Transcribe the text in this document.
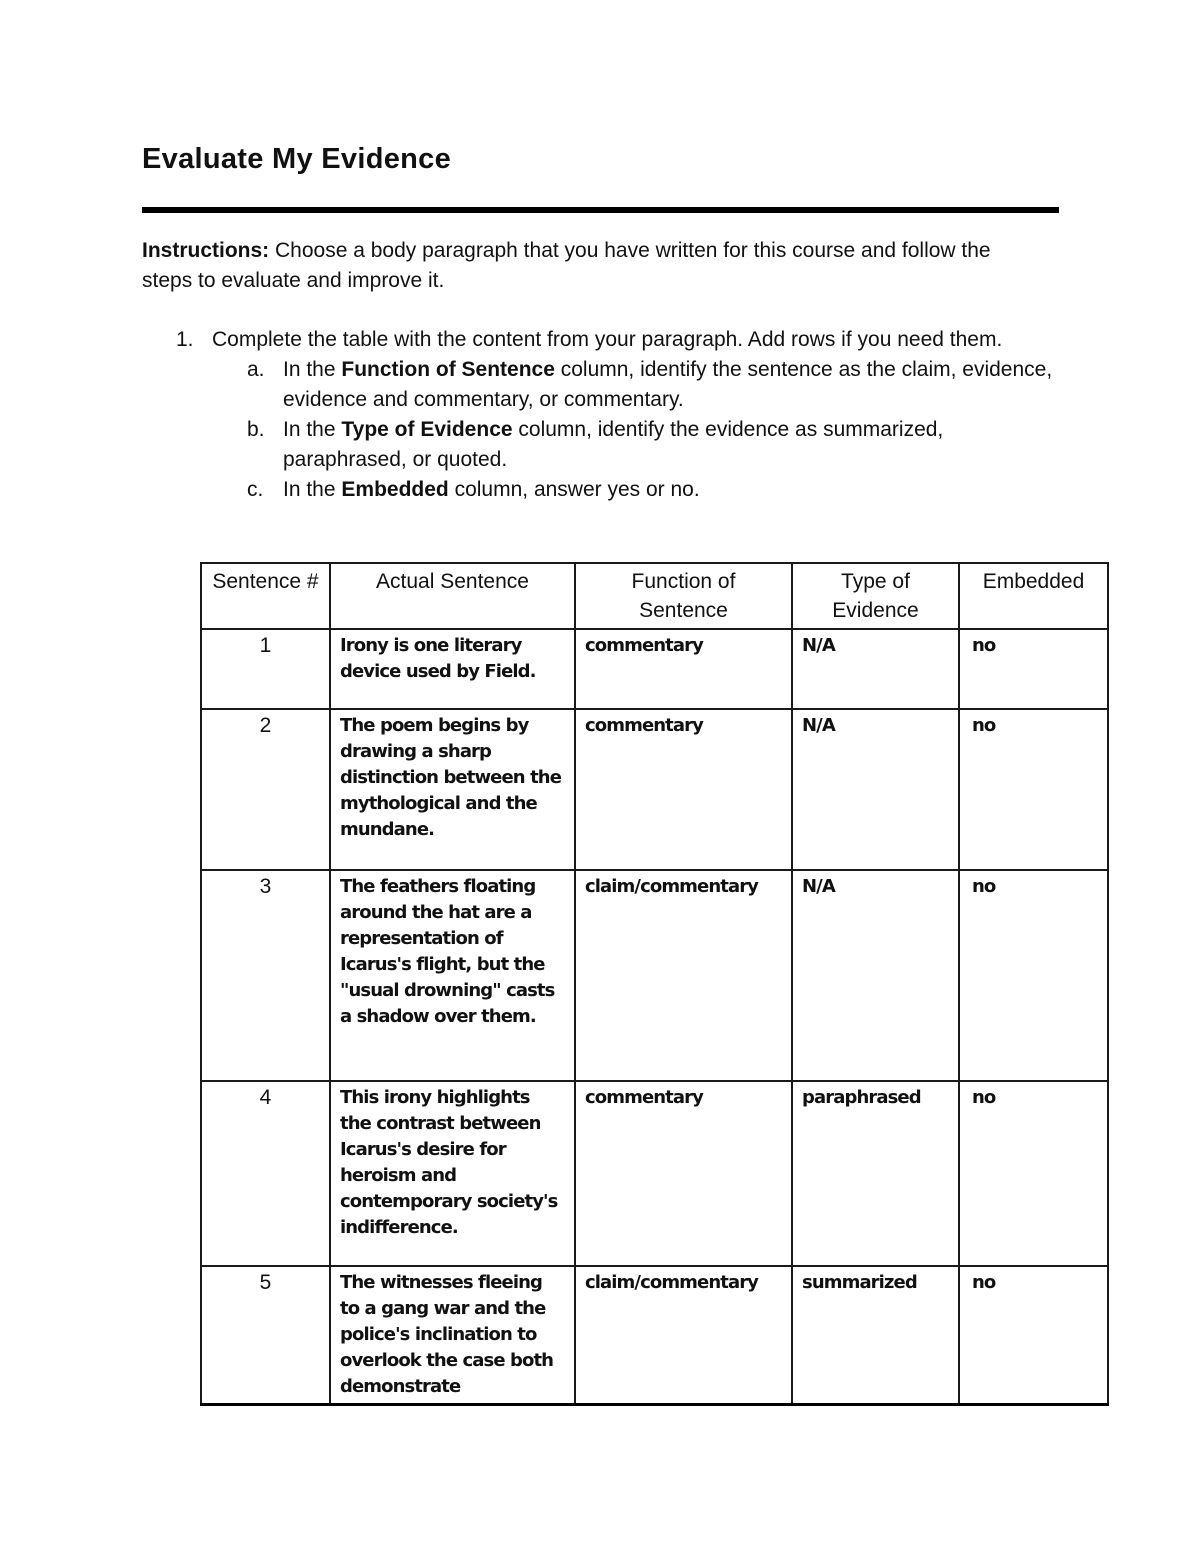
Evaluate My Evidence

Instructions: Choose a body paragraph that you have written for this course and follow the steps to evaluate and improve it.

1. Complete the table with the content from your paragraph. Add rows if you need them.
a. In the Function of Sentence column, identify the sentence as the claim, evidence, evidence and commentary, or commentary.
b. In the Type of Evidence column, identify the evidence as summarized, paraphrased, or quoted.
c. In the Embedded column, answer yes or no.
Sentence #	Actual Sentence	Function of Sentence	Type of Evidence	Embedded
1	Irony is one literary device used by Field.	commentary	N/A	no
2	The poem begins by drawing a sharp distinction between the mythological and the mundane.	commentary	N/A	no
3	The feathers floating around the hat are a representation of Icarus's flight, but the "usual drowning" casts a shadow over them.	claim/commentary	N/A	no
4	This irony highlights the contrast between Icarus's desire for heroism and contemporary society's indifference.	commentary	paraphrased	no
5	The witnesses fleeing to a gang war and the police's inclination to overlook the case both demonstrate	claim/commentary	summarized	no
